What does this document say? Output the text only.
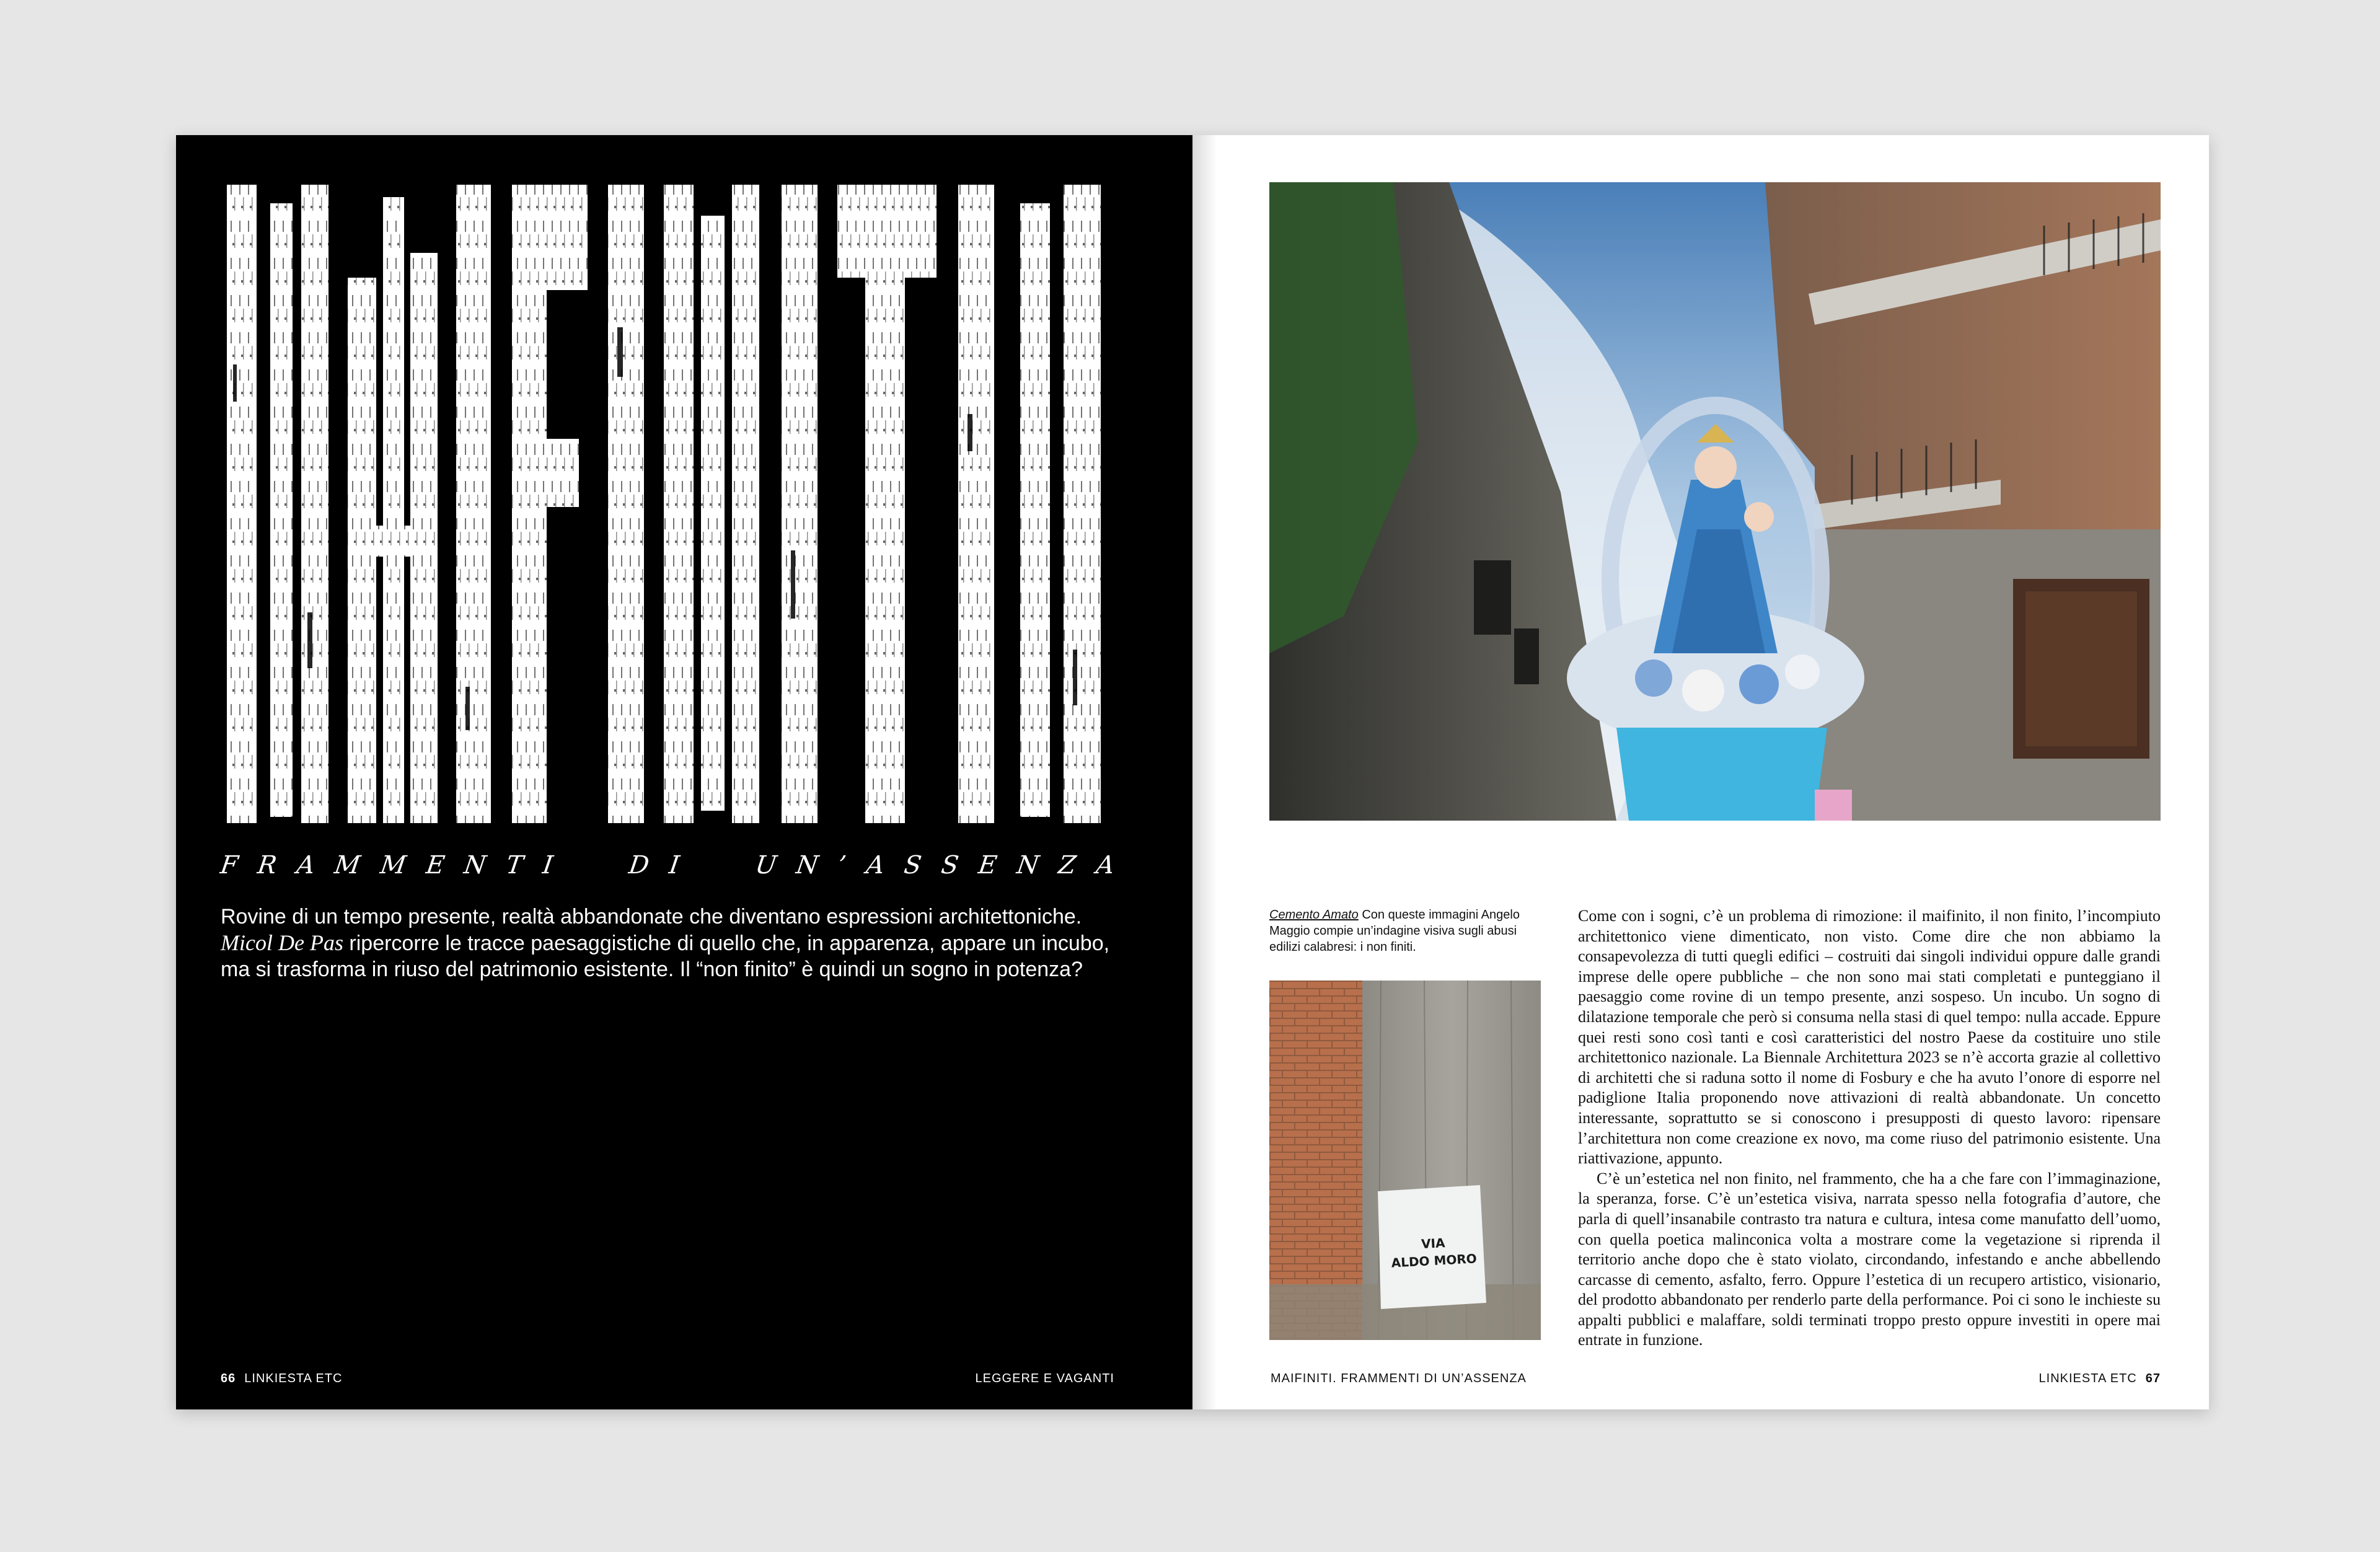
F R A M M E N T I

	D I

	U N ’ A S S E N Z A
Rovine di un tempo presente, realtà abbandonate che diventano espressioni architettoniche. Micol De Pas ripercorre le tracce paesaggistiche di quello che, in apparenza, appare un incubo, ma si trasforma in riuso del patrimonio esistente. Il “non finito” è quindi un sogno in potenza?
66 LINKIESTA ETC	LEGGERE E VAGANTI
Cemento Amato Con queste immagini Angelo Maggio compie un’indagine visiva sugli abusi edilizi calabresi: i non finiti.
VIA
ALDO MORO

Come con i sogni, c’è un problema di rimozione: il maifinito, il non finito, l’incompiuto architettonico viene dimenticato, non visto. Come dire che non abbiamo la consapevolezza di tutti quegli edifici – costruiti dai singoli individui oppure dalle grandi imprese delle opere pubbliche – che non sono mai stati completati e punteggiano il paesaggio come rovine di un tempo presente, anzi sospeso. Un incubo. Un sogno di dilatazione temporale che però si consuma nella stasi di quel tempo: nulla accade. Eppure quei resti sono così tanti e così caratteristici del nostro Paese da costituire uno stile architettonico nazionale. La Biennale Architettura 2023 se n’è accorta grazie al collettivo di architetti che si raduna sotto il nome di Fosbury e che ha avuto l’onore di esporre nel padiglione Italia proponendo nove attivazioni di realtà abbandonate. Un concetto interessante, soprattutto se si conoscono i presupposti di questo lavoro: ripensare l’architettura non come creazione ex novo, ma come riuso del patrimonio esistente. Una riattivazione, appunto.

C’è un’estetica nel non finito, nel frammento, che ha a che fare con l’immaginazione, la speranza, forse. C’è un’estetica visiva, narrata spesso nella fotografia d’autore, che parla di quell’insanabile contrasto tra natura e cultura, intesa come manufatto dell’uomo, con quella poetica malinconica volta a mostrare come la vegetazione si riprenda il territorio anche dopo che è stato violato, circondando, infestando e anche abbellendo carcasse di cemento, asfalto, ferro. Oppure l’estetica di un recupero artistico, visionario, del prodotto abbandonato per renderlo parte della performance. Poi ci sono le inchieste su appalti pubblici e malaffare, soldi terminati troppo presto oppure investiti in opere mai entrate in funzione.

MAIFINITI. FRAMMENTI DI UN’ASSENZA	LINKIESTA ETC 67
